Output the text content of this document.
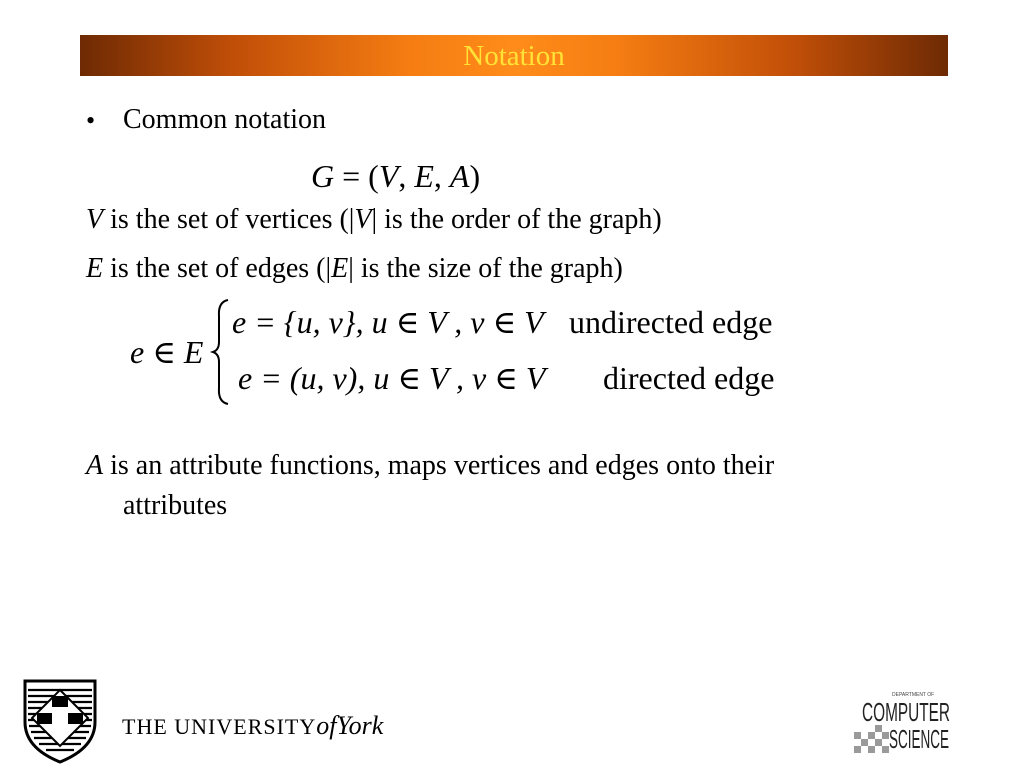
Notation
• Common notation
G = (V, E, A)
V is the set of vertices (|V| is the order of the graph)
E is the set of edges (|E| is the size of the graph)
e ∈ E
e = {u, v}, u ∈ V , v ∈ V undirected edge
e = (u, v), u ∈ V , v ∈ V directed edge
A is an attribute functions, maps vertices and edges onto their
attributes
THE UNIVERSITYofYork
DEPARTMENT OF
COMPUTER
SCIENCE
